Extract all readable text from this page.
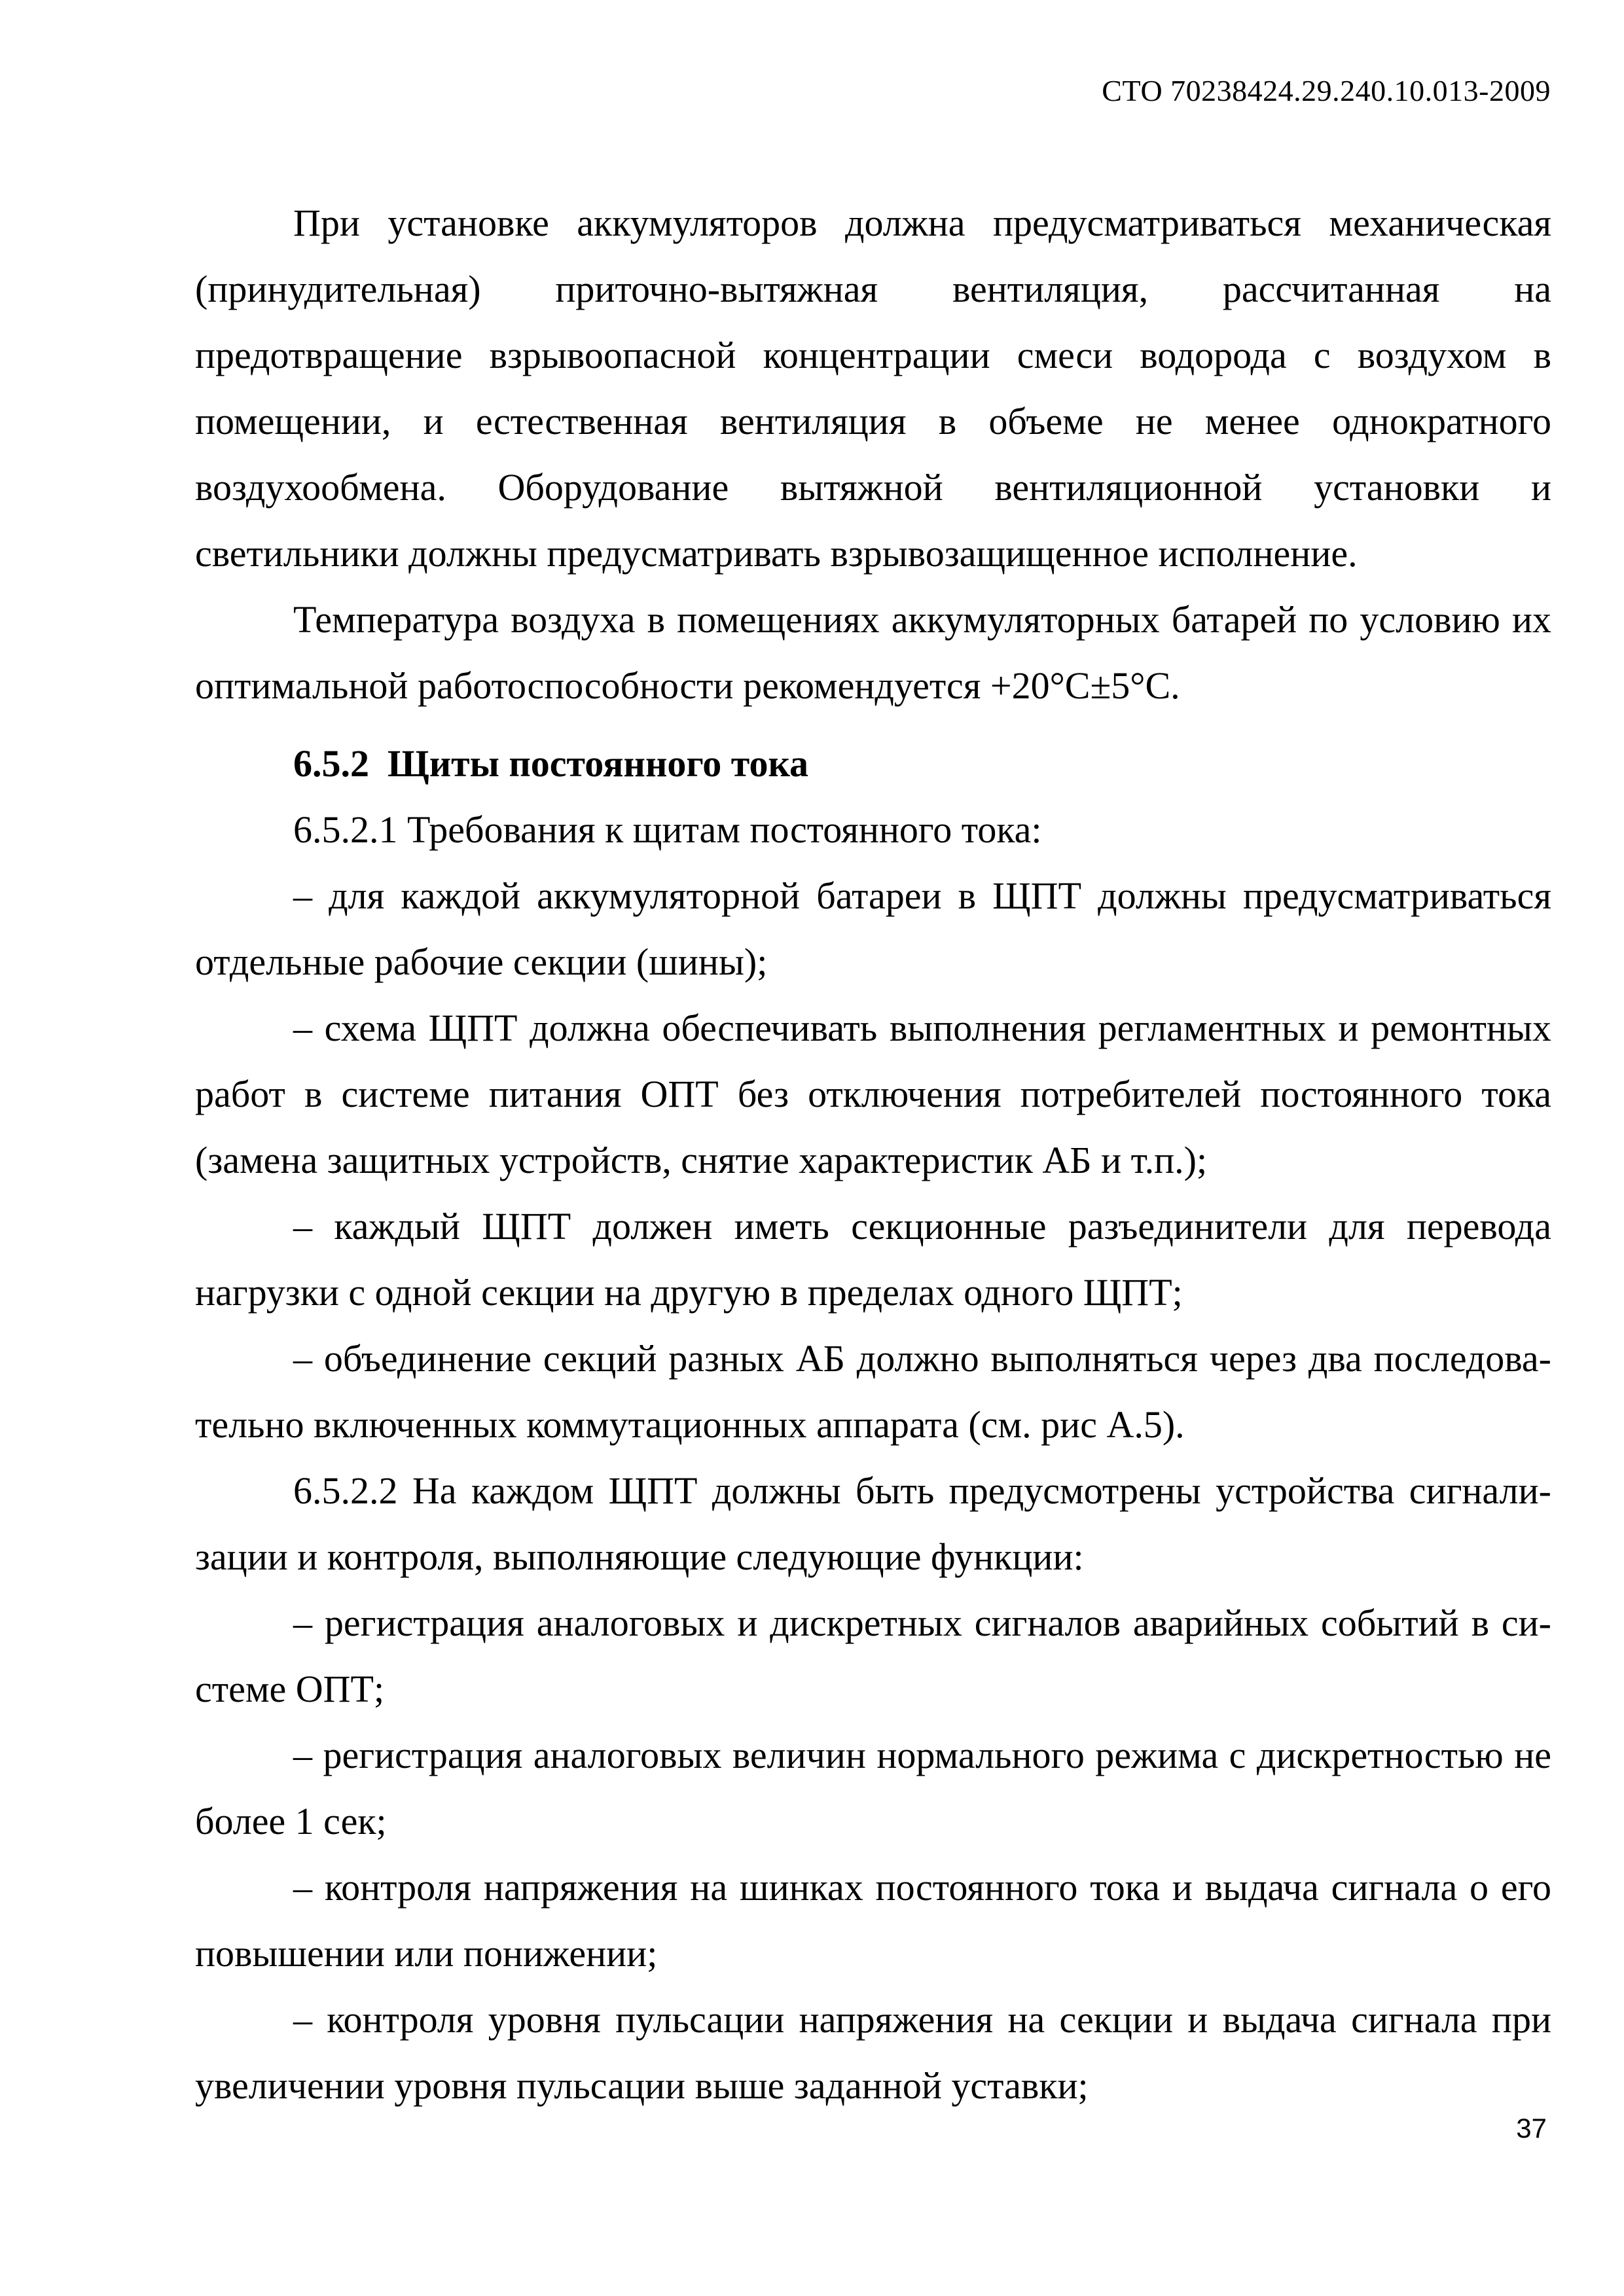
СТО 70238424.29.240.10.013-2009

При установке аккумуляторов должна предусматриваться механическая (принудительная) приточно-вытяжная вентиляция, рассчитанная на предотвращение взрывоопасной концентрации смеси водорода с воздухом в помещении, и естественная вентиляция в объеме не менее однократного воздухообмена. Оборудование вытяжной вентиляционной установки и светильники должны предусматривать взрывозащищенное исполнение.

Температура воздуха в помещениях аккумуляторных батарей по условию их оптимальной работоспособности рекомендуется +20°С±5°С.

6.5.2 Щиты постоянного тока

6.5.2.1 Требования к щитам постоянного тока:

– для каждой аккумуляторной батареи в ЩПТ должны предусматриваться отдельные рабочие секции (шины);

– схема ЩПТ должна обеспечивать выполнения регламентных и ремонтных работ в системе питания ОПТ без отключения потребителей постоянного тока (замена защитных устройств, снятие характеристик АБ и т.п.);

– каждый ЩПТ должен иметь секционные разъединители для перевода нагрузки с одной секции на другую в пределах одного ЩПТ;

– объединение секций разных АБ должно выполняться через два последовательно включенных коммутационных аппарата (см. рис А.5).

6.5.2.2 На каждом ЩПТ должны быть предусмотрены устройства сигнализации и контроля, выполняющие следующие функции:

– регистрация аналоговых и дискретных сигналов аварийных событий в системе ОПТ;

– регистрация аналоговых величин нормального режима с дискретностью не более 1 сек;

– контроля напряжения на шинках постоянного тока и выдача сигнала о его повышении или понижении;

– контроля уровня пульсации напряжения на секции и выдача сигнала при увеличении уровня пульсации выше заданной уставки;

37
